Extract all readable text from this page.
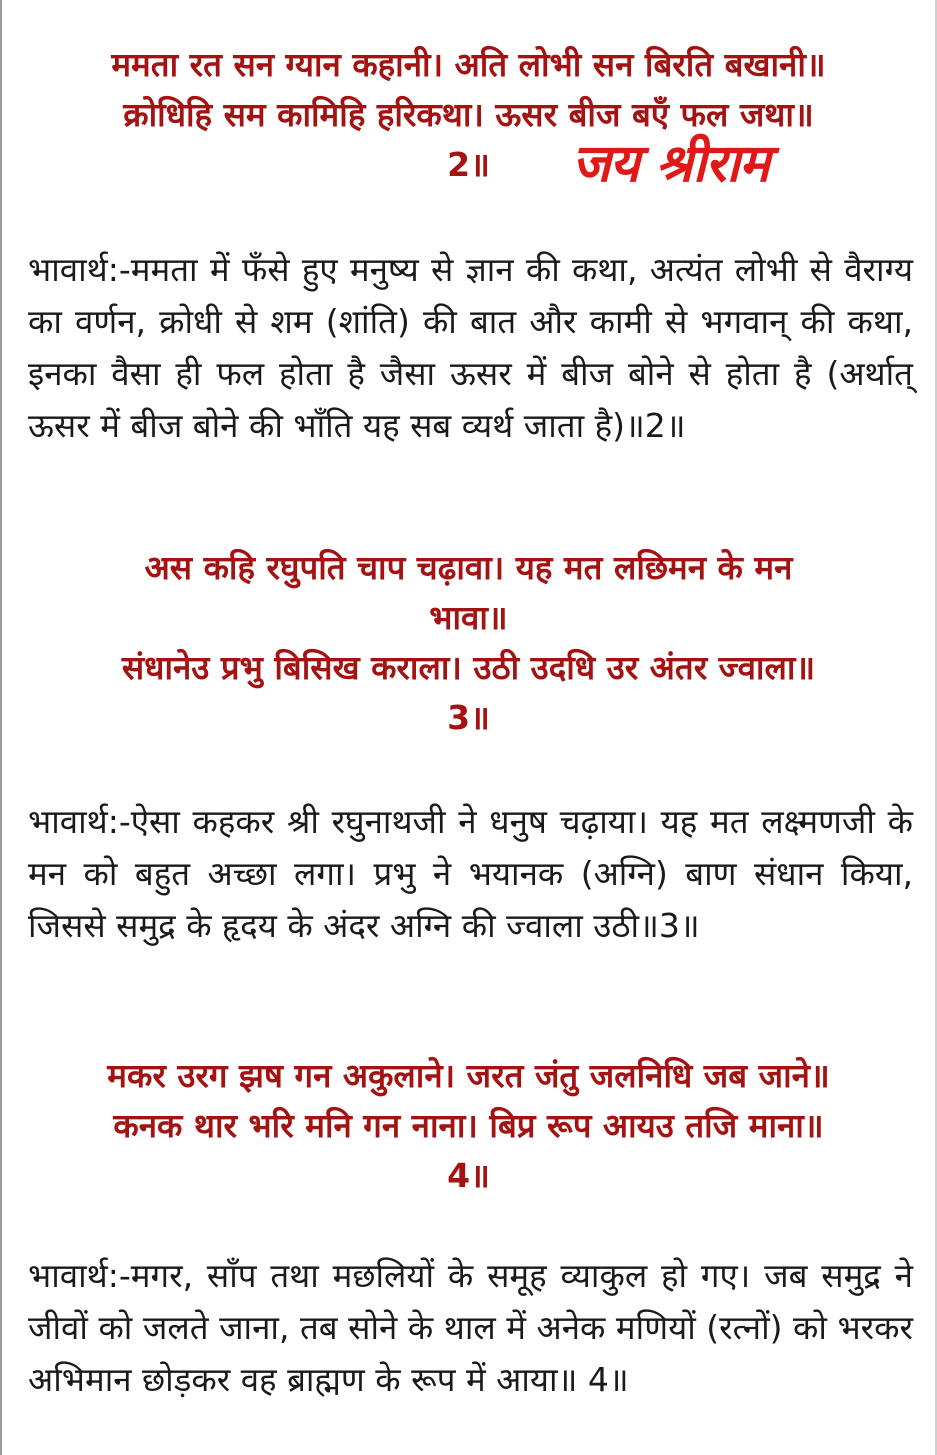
ममता रत सन ग्यान कहानी। अति लोभी सन बिरति बखानी॥
क्रोधिहि सम कामिहि हरिकथा। ऊसर बीज बएँ फल जथा॥
2॥ जय श्रीराम
भावार्थ:-ममता में फँसे हुए मनुष्य से ज्ञान की कथा, अत्यंत लोभी से वैराग्य का वर्णन, क्रोधी से शम (शांति) की बात और कामी से भगवान्‌ की कथा, इनका वैसा ही फल होता है जैसा ऊसर में बीज बोने से होता है (अर्थात्‌ ऊसर में बीज बोने की भाँति यह सब व्यर्थ जाता है)॥2॥
अस कहि रघुपति चाप चढ़ावा। यह मत लछिमन के मन
भावा॥
संधानेउ प्रभु बिसिख कराला। उठी उदधि उर अंतर ज्वाला॥
3॥
भावार्थ:-ऐसा कहकर श्री रघुनाथजी ने धनुष चढ़ाया। यह मत लक्ष्मणजी के मन को बहुत अच्छा लगा। प्रभु ने भयानक (अग्नि) बाण संधान किया, जिससे समुद्र के हृदय के अंदर अग्नि की ज्वाला उठी॥3॥
मकर उरग झष गन अकुलाने। जरत जंतु जलनिधि जब जाने॥
कनक थार भरि मनि गन नाना। बिप्र रूप आयउ तजि माना॥
4॥
भावार्थ:-मगर, साँप तथा मछलियों के समूह व्याकुल हो गए। जब समुद्र ने जीवों को जलते जाना, तब सोने के थाल में अनेक मणियों (रत्नों) को भरकर अभिमान छोड़कर वह ब्राह्मण के रूप में आया॥ 4॥
